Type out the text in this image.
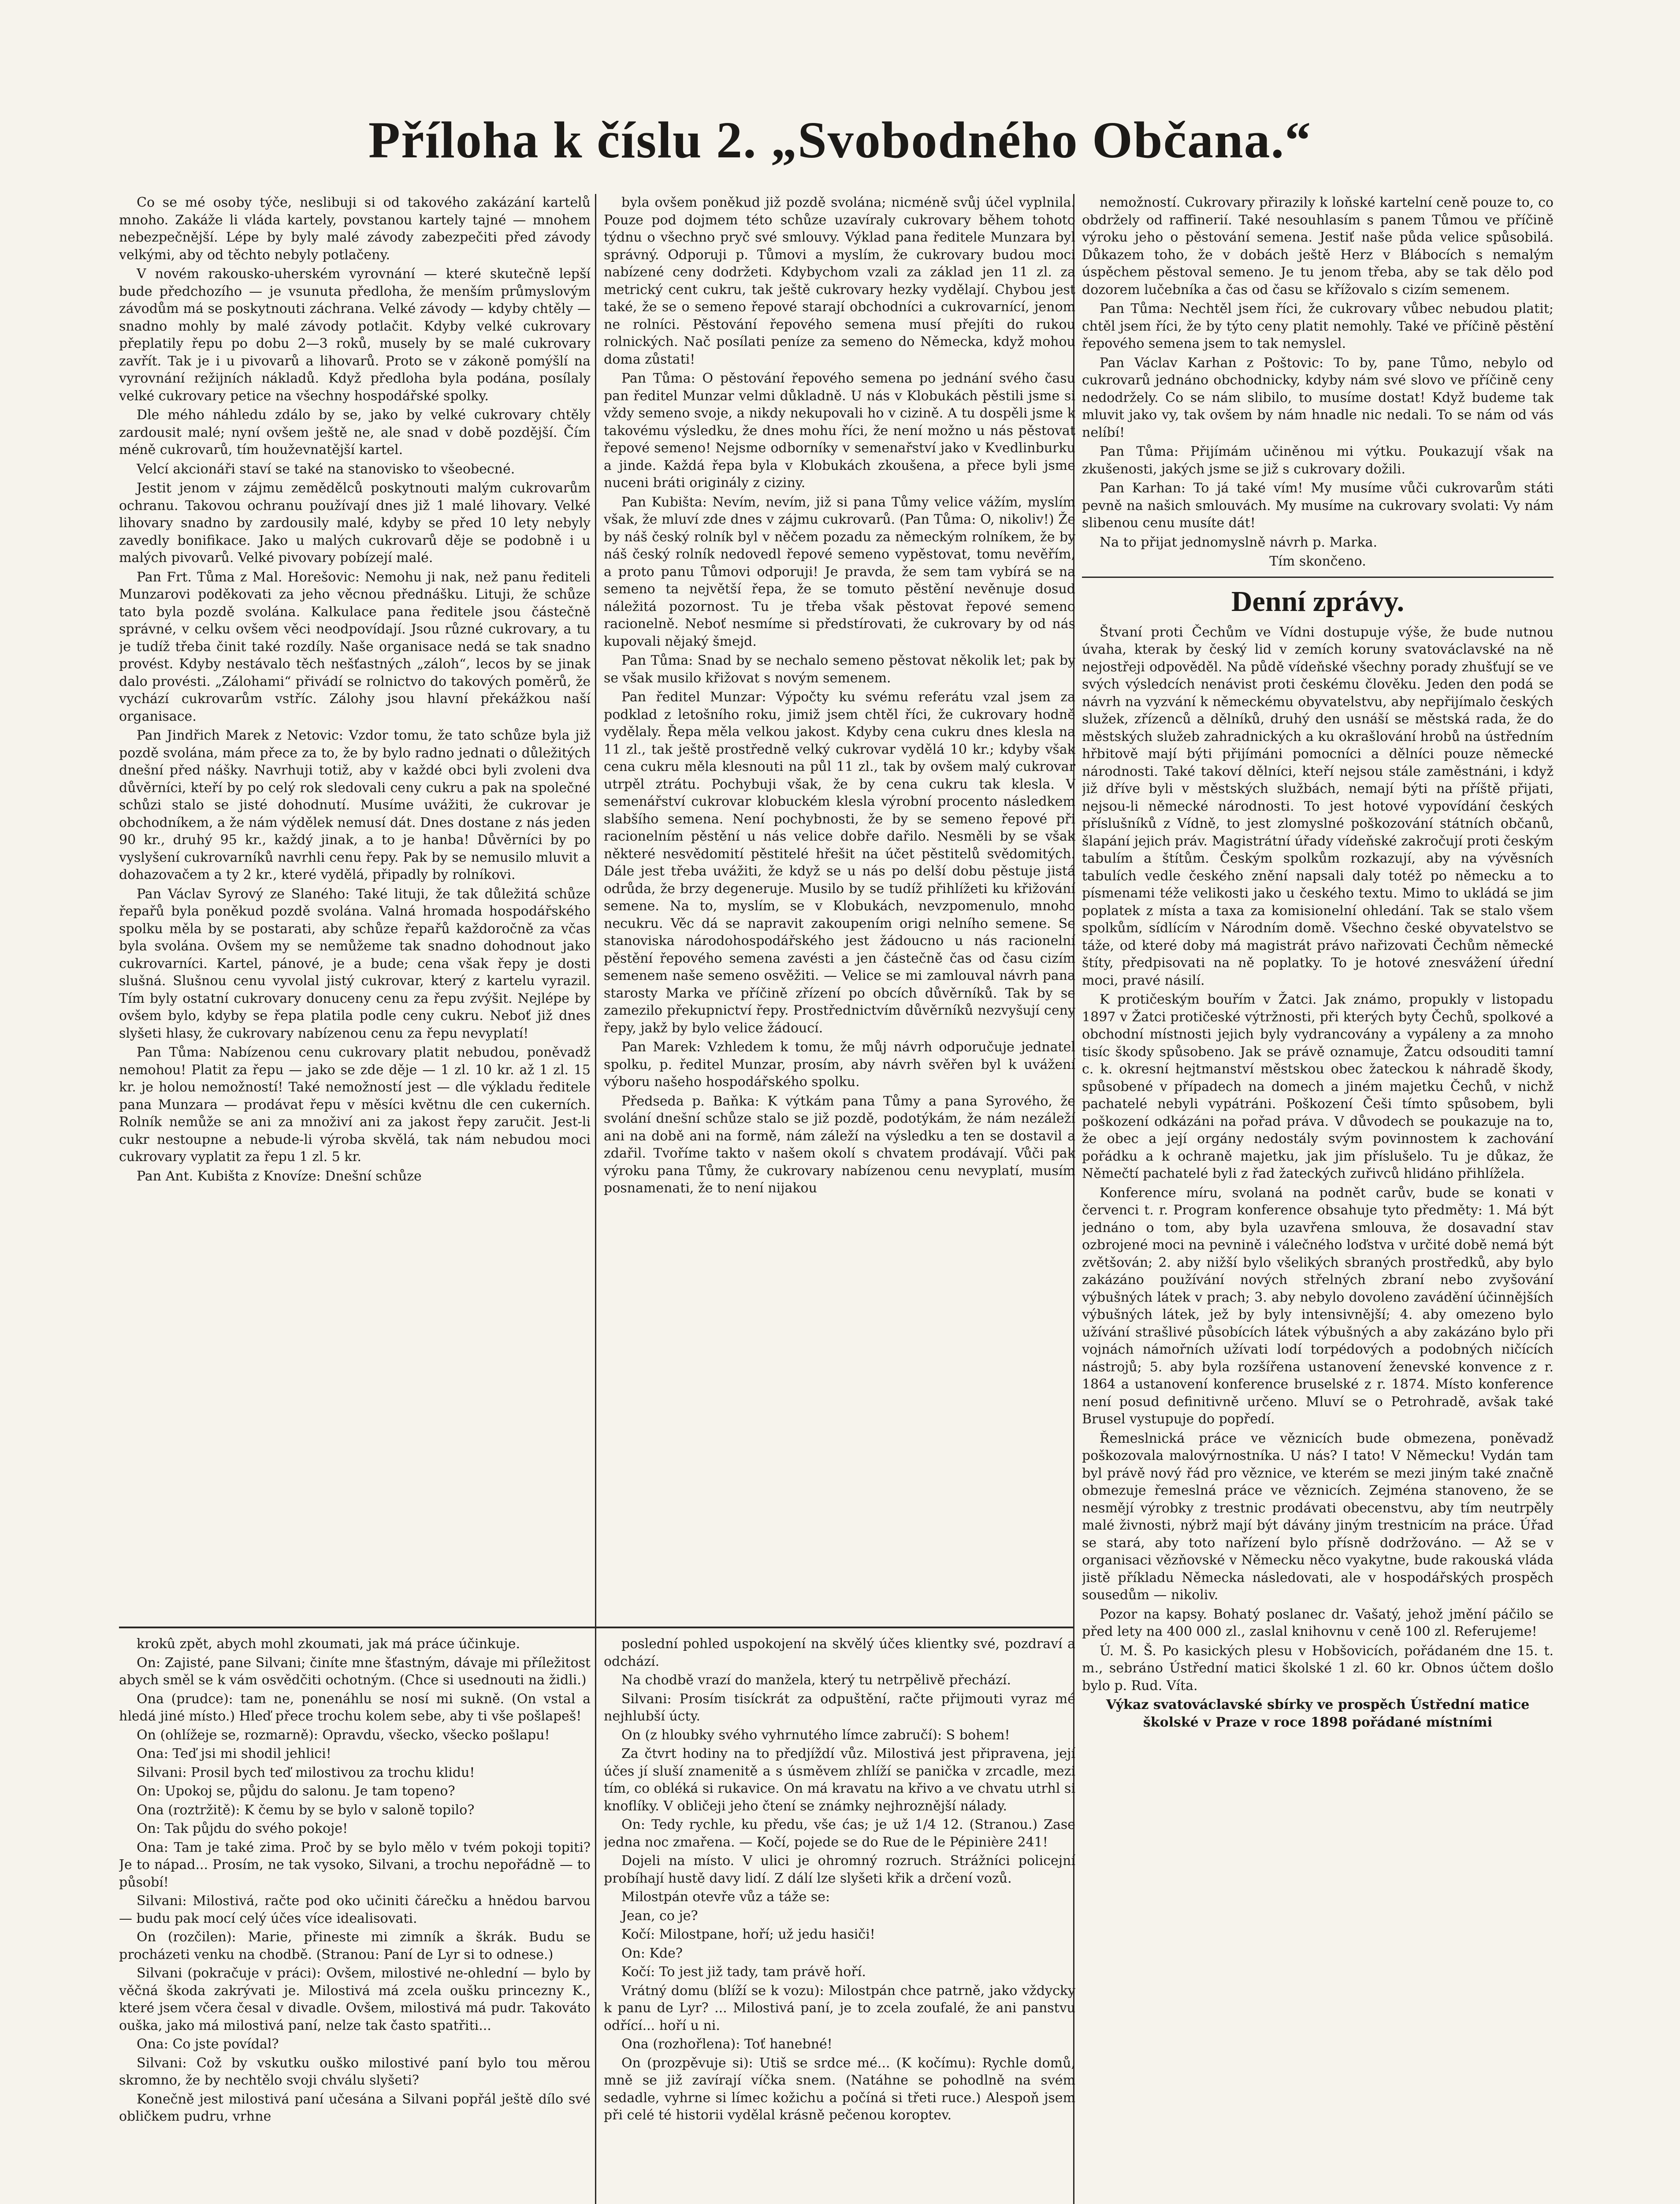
Příloha k číslu 2. „Svobodného Občana.“

Co se mé osoby týče, neslibuji si od takového zakázání kartelů mnoho. Zakáže li vláda kartely, povstanou kartely tajné — mnohem nebezpečnější. Lépe by byly malé závody zabezpečiti před závody velkými, aby od těchto nebyly potlačeny.

V novém rakousko-uherském vyrovnání — které skutečně lepší bude předchozího — je vsunuta předloha, že menším průmyslovým závodům má se poskytnouti záchrana. Velké závody — kdyby chtěly — snadno mohly by malé závody potlačit. Kdyby velké cukrovary přeplatily řepu po dobu 2—3 roků, musely by se malé cukrovary zavřít. Tak je i u pivovarů a lihovarů. Proto se v zákoně pomýšlí na vyrovnání režijních nákladů. Když předloha byla podána, posílaly velké cukrovary petice na všechny hospodářské spolky.

Dle mého náhledu zdálo by se, jako by velké cukrovary chtěly zardousit malé; nyní ovšem ještě ne, ale snad v době pozdější. Čím méně cukrovarů, tím houževnatější kartel.

Velcí akcionáři staví se také na stanovisko to všeobecné.

Jestit jenom v zájmu zemědělců poskytnouti malým cukrovarům ochranu. Takovou ochranu používají dnes již 1 malé lihovary. Velké lihovary snadno by zardousily malé, kdyby se před 10 lety nebyly zavedly bonifikace. Jako u malých cukrovarů děje se podobně i u malých pivovarů. Velké pivovary pobízejí malé.

Pan Frt. Tůma z Mal. Horešovic: Nemohu ji nak, než panu řediteli Munzarovi poděkovati za jeho věcnou přednášku. Lituji, že schůze tato byla pozdě svolána. Kalkulace pana ředitele jsou částečně správné, v celku ovšem věci neodpovídají. Jsou různé cukrovary, a tu je tudíž třeba činit také rozdíly. Naše organisace nedá se tak snadno provést. Kdyby nestávalo těch nešťastných „záloh“, lecos by se jinak dalo provésti. „Zálohami“ přivádí se rolnictvo do takových poměrů, že vychází cukrovarům vstříc. Zálohy jsou hlavní překážkou naší organisace.

Pan Jindřich Marek z Netovic: Vzdor tomu, že tato schůze byla již pozdě svolána, mám přece za to, že by bylo radno jednati o důležitých dnešní před nášky. Navrhuji totiž, aby v každé obci byli zvoleni dva důvěrníci, kteří by po celý rok sledovali ceny cukru a pak na společné schůzi stalo se jisté dohodnutí. Musíme uvážiti, že cukrovar je obchodníkem, a že nám výdělek nemusí dát. Dnes dostane z nás jeden 90 kr., druhý 95 kr., každý jinak, a to je hanba! Důvěrníci by po vyslyšení cukrovarníků navrhli cenu řepy. Pak by se nemusilo mluvit a dohazovačem a ty 2 kr., které vydělá, připadly by rolníkovi.

Pan Václav Syrový ze Slaného: Také lituji, že tak důležitá schůze řepařů byla poněkud pozdě svolána. Valná hromada hospodářského spolku měla by se postarati, aby schůze řepařů každoročně za včas byla svolána. Ovšem my se nemůžeme tak snadno dohodnout jako cukrovarníci. Kartel, pánové, je a bude; cena však řepy je dosti slušná. Slušnou cenu vyvolal jistý cukrovar, který z kartelu vyrazil. Tím byly ostatní cukrovary donuceny cenu za řepu zvýšit. Nejlépe by ovšem bylo, kdyby se řepa platila podle ceny cukru. Neboť již dnes slyšeti hlasy, že cukrovary nabízenou cenu za řepu nevyplatí!

Pan Tůma: Nabízenou cenu cukrovary platit nebudou, poněvadž nemohou! Platit za řepu — jako se zde děje — 1 zl. 10 kr. až 1 zl. 15 kr. je holou nemožností! Také nemožností jest — dle výkladu ředitele pana Munzara — prodávat řepu v měsíci květnu dle cen cukerních. Rolník nemůže se ani za množiví ani za jakost řepy zaručit. Jest-li cukr nestoupne a nebude-li výroba skvělá, tak nám nebudou moci cukrovary vyplatit za řepu 1 zl. 5 kr.

Pan Ant. Kubišta z Knovíze: Dnešní schůze

byla ovšem poněkud již pozdě svolána; nicméně svůj účel vyplnila. Pouze pod dojmem této schůze uzavíraly cukrovary během tohoto týdnu o všechno pryč své smlouvy. Výklad pana ředitele Munzara byl správný. Odporuji p. Tůmovi a myslím, že cukrovary budou moci nabízené ceny dodržeti. Kdybychom vzali za základ jen 11 zl. za metrický cent cukru, tak ještě cukrovary hezky vydělají. Chybou jest také, že se o semeno řepové starají obchodníci a cukrovarnící, jenom ne rolníci. Pěstování řepového semena musí přejíti do rukou rolnických. Nač posílati peníze za semeno do Německa, když mohou doma zůstati!

Pan Tůma: O pěstování řepového semena po jednání svého času pan ředitel Munzar velmi důkladně. U nás v Klobukách pěstili jsme si vždy semeno svoje, a nikdy nekupovali ho v cizině. A tu dospěli jsme k takovému výsledku, že dnes mohu říci, že není možno u nás pěstovat řepové semeno! Nejsme odborníky v semenařství jako v Kvedlinburku a jinde. Každá řepa byla v Klobukách zkoušena, a přece byli jsme nuceni bráti originály z ciziny.

Pan Kubišta: Nevím, nevím, již si pana Tůmy velice vážím, myslím však, že mluví zde dnes v zájmu cukrovarů. (Pan Tůma: O, nikoliv!) Že by náš český rolník byl v něčem pozadu za německým rolníkem, že by náš český rolník nedovedl řepové semeno vypěstovat, tomu nevěřím, a proto panu Tůmovi odporuji! Je pravda, že sem tam vybírá se na semeno ta největší řepa, že se tomuto pěstění nevěnuje dosud náležitá pozornost. Tu je třeba však pěstovat řepové semeno racionelně. Neboť nesmíme si předstírovati, že cukrovary by od nás kupovali nějaký šmejd.

Pan Tůma: Snad by se nechalo semeno pěstovat několik let; pak by se však musilo křižovat s novým semenem.

Pan ředitel Munzar: Výpočty ku svému referátu vzal jsem za podklad z letošního roku, jimiž jsem chtěl říci, že cukrovary hodně vydělaly. Řepa měla velkou jakost. Kdyby cena cukru dnes klesla na 11 zl., tak ještě prostředně velký cukrovar vydělá 10 kr.; kdyby však cena cukru měla klesnouti na půl 11 zl., tak by ovšem malý cukrovar utrpěl ztrátu. Pochybuji však, že by cena cukru tak klesla. V semenářství cukrovar klobuckém klesla výrobní procento následkem slabšího semena. Není pochybnosti, že by se semeno řepové při racionelním pěstění u nás velice dobře dařilo. Nesměli by se však některé nesvědomití pěstitelé hřešit na účet pěstitelů svědomitých. Dále jest třeba uvážiti, že když se u nás po delší dobu pěstuje jistá odrůda, že brzy degeneruje. Musilo by se tudíž přihlížeti ku křižování semene. Na to, myslím, se v Klobukách, nevzpomenulo, mnoho necukru. Věc dá se napravit zakoupením origi nelního semene. Se stanoviska národohospodářského jest žádoucno u nás racionelní pěstění řepového semena zavésti a jen částečně čas od času cizím semenem naše semeno osvěžiti. — Velice se mi zamlouval návrh pana starosty Marka ve příčině zřízení po obcích důvěrníků. Tak by se zamezilo překupnictví řepy. Prostřednictvím důvěrníků nezvyšují ceny řepy, jakž by bylo velice žádoucí.

Pan Marek: Vzhledem k tomu, že můj návrh odporučuje jednatel spolku, p. ředitel Munzar, prosím, aby návrh svěřen byl k uvážení výboru našeho hospodářského spolku.

Předseda p. Baňka: K výtkám pana Tůmy a pana Syrového, že svolání dnešní schůze stalo se již pozdě, podotýkám, že nám nezáleží ani na době ani na formě, nám záleží na výsledku a ten se dostavil a zdařil. Tvoříme takto v našem okolí s chvatem prodávají. Vůči pak výroku pana Tůmy, že cukrovary nabízenou cenu nevyplatí, musím posnamenati, že to není nijakou

nemožností. Cukrovary přirazily k loňské kartelní ceně pouze to, co obdržely od raffinerií. Také nesouhlasím s panem Tůmou ve příčině výroku jeho o pěstování semena. Jestiť naše půda velice spůsobilá. Důkazem toho, že v dobách ještě Herz v Blábocích s nemalým úspěchem pěstoval semeno. Je tu jenom třeba, aby se tak dělo pod dozorem lučebníka a čas od času se křížovalo s cizím semenem.

Pan Tůma: Nechtěl jsem říci, že cukrovary vůbec nebudou platit; chtěl jsem říci, že by týto ceny platit nemohly. Také ve příčině pěstění řepového semena jsem to tak nemyslel.

Pan Václav Karhan z Poštovic: To by, pane Tůmo, nebylo od cukrovarů jednáno obchodnicky, kdyby nám své slovo ve příčině ceny nedodržely. Co se nám slibilo, to musíme dostat! Když budeme tak mluvit jako vy, tak ovšem by nám hnadle nic nedali. To se nám od vás nelíbí!

Pan Tůma: Přijímám učiněnou mi výtku. Poukazují však na zkušenosti, jakých jsme se již s cukrovary dožili.

Pan Karhan: To já také vím! My musíme vůči cukrovarům státi pevně na našich smlouvách. My musíme na cukrovary svolati: Vy nám slibenou cenu musíte dát!

Na to přijat jednomyslně návrh p. Marka.

Tím skončeno.

Denní zprávy.

Štvaní proti Čechům ve Vídni dostupuje výše, že bude nutnou úvaha, kterak by český lid v zemích koruny svatováclavské na ně nejostřeji odpověděl. Na půdě vídeňské všechny porady zhušťují se ve svých výsledcích nenávist proti českému člověku. Jeden den podá se návrh na vyzvání k německému obyvatelstvu, aby nepřijímalo českých služek, zřízenců a dělníků, druhý den usnáší se městská rada, že do městských služeb zahradnických a ku okrašlování hrobů na ústředním hřbitově mají býti přijímáni pomocníci a dělníci pouze německé národnosti. Také takoví dělníci, kteří nejsou stále zaměstnáni, i když již dříve byli v městských službách, nemají býti na příště přijati, nejsou-li německé národnosti. To jest hotové vypovídání českých příslušníků z Vídně, to jest zlomyslné poškozování státních občanů, šlapání jejich práv. Magistrátní úřady vídeňské zakročují proti českým tabulím a štítům. Českým spolkům rozkazují, aby na vývěsních tabulích vedle českého znění napsali daly totéž po německu a to písmenami téže velikosti jako u českého textu. Mimo to ukládá se jim poplatek z místa a taxa za komisionelní ohledání. Tak se stalo všem spolkům, sídlícím v Národním domě. Všechno české obyvatelstvo se táže, od které doby má magistrát právo nařizovati Čechům německé štíty, předpisovati na ně poplatky. To je hotové znesvážení úřední moci, pravé násilí.

K protičeským bouřím v Žatci. Jak známo, propukly v listopadu 1897 v Žatci protičeské výtržnosti, při kterých byty Čechů, spolkové a obchodní místnosti jejich byly vydrancovány a vypáleny a za mnoho tisíc škody spůsobeno. Jak se právě oznamuje, Žatcu odsouditi tamní c. k. okresní hejtmanství městskou obec žateckou k náhradě škody, spůsobené v případech na domech a jiném majetku Čechů, v nichž pachatelé nebyli vypátráni. Poškození Češi tímto spůsobem, byli poškození odkázáni na pořad práva. V důvodech se poukazuje na to, že obec a její orgány nedostály svým povinnostem k zachování pořádku a k ochraně majetku, jak jim příslušelo. Tu je důkaz, že Němečtí pachatelé byli z řad žateckých zuřivců hlidáno přihlížela.

Konference míru, svolaná na podnět carův, bude se konati v červenci t. r. Program konference obsahuje tyto předměty: 1. Má být jednáno o tom, aby byla uzavřena smlouva, že dosavadní stav ozbrojené moci na pevnině i válečného loďstva v určité době nemá být zvětšován; 2. aby nižší bylo všelikých sbraných prostředků, aby bylo zakázáno používání nových střelných zbraní nebo zvyšování výbušných látek v prach; 3. aby nebylo dovoleno zavádění účinnějších výbušných látek, jež by byly intensivnější; 4. aby omezeno bylo užívání strašlivé působících látek výbušných a aby zakázáno bylo při vojnách námořních užívati lodí torpédových a podobných ničících nástrojů; 5. aby byla rozšířena ustanovení ženevské konvence z r. 1864 a ustanovení konference bruselské z r. 1874. Místo konference není posud definitivně určeno. Mluví se o Petrohradě, avšak také Brusel vystupuje do popředí.

Řemeslnická práce ve věznicích bude obmezena, poněvadž poškozovala malovýrnostníka. U nás? I tato! V Německu! Vydán tam byl právě nový řád pro věznice, ve kterém se mezi jiným také značně obmezuje řemeslná práce ve věznicích. Zejména stanoveno, že se nesmějí výrobky z trestnic prodávati obecenstvu, aby tím neutrpěly malé živnosti, nýbrž mají být dávány jiným trestnicím na práce. Úřad se stará, aby toto nařízení bylo přísně dodržováno. — Až se v organisaci vězňovské v Německu něco vyakytne, bude rakouská vláda jistě příkladu Německa následovati, ale v hospodářských prospěch sousedům — nikoliv.

Pozor na kapsy. Bohatý poslanec dr. Vašatý, jehož jmění páčilo se před lety na 400 000 zl., zaslal knihovnu v ceně 100 zl. Referujeme!

Ú. M. Š. Po kasických plesu v Hobšovicích, pořádaném dne 15. t. m., sebráno Ústřední matici školské 1 zl. 60 kr. Obnos účtem došlo bylo p. Rud. Víta.

Výkaz svatováclavské sbírky ve prospěch Ústřední matice školské v Praze v roce 1898 pořádané místními

krokû zpět, abych mohl zkoumati, jak má práce účinkuje.

On: Zajisté, pane Silvani; činíte mne šťastným, dávaje mi příležitost abych směl se k vám osvědčiti ochotným. (Chce si usednouti na židli.)

Ona (prudce): tam ne, ponenáhlu se nosí mi sukně. (On vstal a hledá jiné místo.) Hleď přece trochu kolem sebe, aby ti vše pošlapeš!

On (ohlížeje se, rozmarně): Opravdu, všecko, všecko pošlapu!

Ona: Teď jsi mi shodil jehlici!

Silvani: Prosil bych teď milostivou za trochu klidu!

On: Upokoj se, půjdu do salonu. Je tam topeno?

Ona (roztržitě): K čemu by se bylo v saloně topilo?

On: Tak půjdu do svého pokoje!

Ona: Tam je také zima. Proč by se bylo mělo v tvém pokoji topiti? Je to nápad... Prosím, ne tak vysoko, Silvani, a trochu nepořádně — to působí!

Silvani: Milostivá, račte pod oko učiniti čárečku a hnědou barvou — budu pak mocí celý účes více idealisovati.

On (rozčilen): Marie, přineste mi zimník a škrák. Budu se procházeti venku na chodbě. (Stranou: Paní de Lyr si to odnese.)

Silvani (pokračuje v práci): Ovšem, milostivé ne-ohlední — bylo by věčná škoda zakrývati je. Milostivá má zcela oušku princezny K., které jsem včera česal v divadle. Ovšem, milostivá má pudr. Takováto ouška, jako má milostivá paní, nelze tak často spatřiti...

Ona: Co jste povídal?

Silvani: Což by vskutku ouško milostivé paní bylo tou měrou skromno, že by nechtělo svoji chválu slyšeti?

Konečně jest milostivá paní učesána a Silvani popřál ještě dílo své obličkem pudru, vrhne

poslední pohled uspokojení na skvělý účes klientky své, pozdraví a odchází.

Na chodbě vrazí do manžela, který tu netrpělivě přechází.

Silvani: Prosím tisíckrát za odpuštění, račte přijmouti vyraz mé nejhlubší úcty.

On (z hloubky svého vyhrnutého límce zabručí): S bohem!

Za čtvrt hodiny na to předjíždí vůz. Milostivá jest připravena, její účes jí sluší znamenitě a s úsměvem zhlíží se panička v zrcadle, mezi tím, co obléká si rukavice. On má kravatu na křivo a ve chvatu utrhl si knoflíky. V obličeji jeho čtení se známky nejhroznější nálady.

On: Tedy rychle, ku předu, vše ćas; je už 1/4 12. (Stranou.) Zase jedna noc zmařena. — Kočí, pojede se do Rue de le Pépinière 241!

Dojeli na místo. V ulici je ohromný rozruch. Strážníci policejní probíhají hustě davy lidí. Z dálí lze slyšeti křik a drčení vozů.

Milostpán otevře vůz a táže se:

Jean, co je?

Kočí: Milostpane, hoří; už jedu hasiči!

On: Kde?

Kočí: To jest již tady, tam právě hoří.

Vrátný domu (blíží se k vozu): Milostpán chce patrně, jako vždycky k panu de Lyr? ... Milostivá paní, je to zcela zoufalé, že ani panstvu odřící... hoří u ni.

Ona (rozhořlena): Toť hanebné!

On (prozpěvuje si): Utiš se srdce mé... (K kočímu): Rychle domů, mně se již zavírají víčka snem. (Natáhne se pohodlně na svém sedadle, vyhrne si límec kožichu a počíná si třeti ruce.) Alespoň jsem při celé té historii vydělal krásně pečenou koroptev.
